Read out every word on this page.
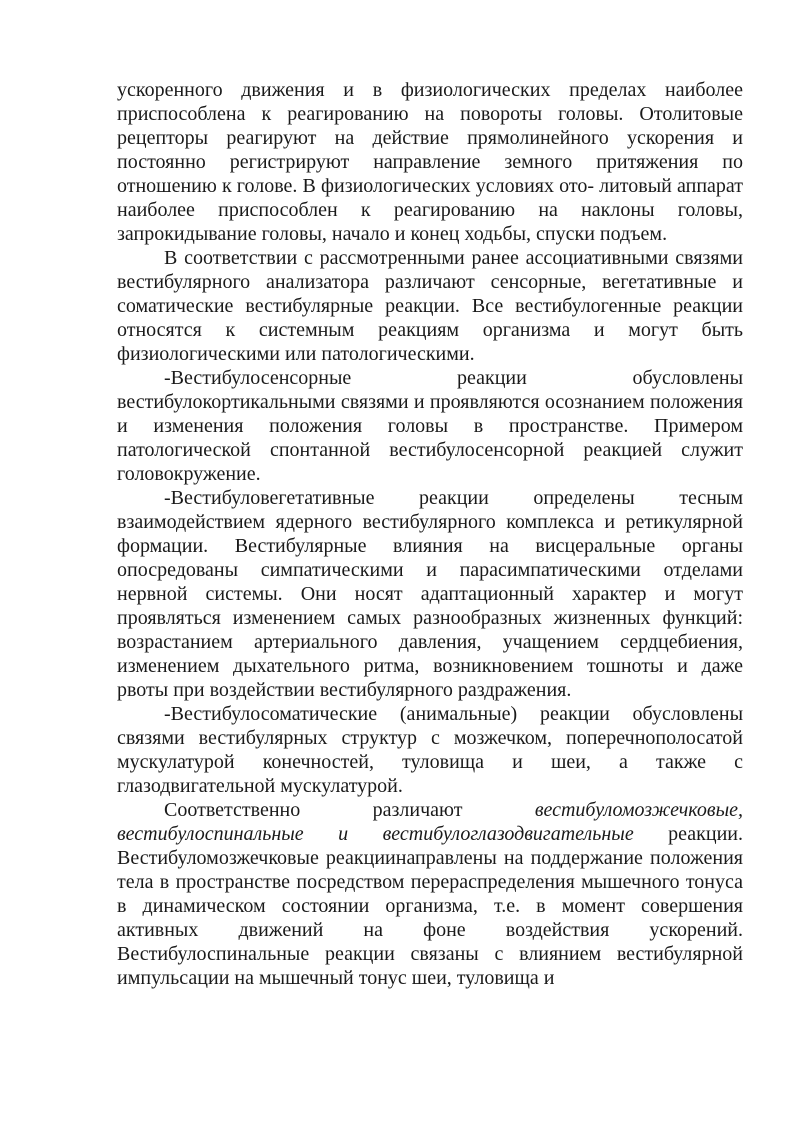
ускоренного движения и в физиологических пределах наиболее приспособлена к реагированию на повороты головы. Отолитовые рецепторы реагируют на действие прямолинейного ускорения и постоянно регистрируют направление земного притяжения по отношению к голове. В физиологических условиях ото- литовый аппарат наиболее приспособлен к реагированию на наклоны головы, запрокидывание головы, начало и конец ходьбы, спуски подъем.

В соответствии с рассмотренными ранее ассоциативными связями вестибулярного анализатора различают сенсорные, вегетативные и соматические вестибулярные реакции. Все вестибулогенные реакции относятся к системным реакциям организма и могут быть физиологическими или патологическими.

-Вестибулосенсорные реакции обусловлены вестибулокортикальными связями и проявляются осознанием положения и изменения положения головы в пространстве. Примером патологической спонтанной вестибулосенсорной реакцией служит головокружение.

-Вестибуловегетативные реакции определены тесным взаимодействием ядерного вестибулярного комплекса и ретикулярной формации. Вестибулярные влияния на висцеральные органы опосредованы симпатическими и парасимпатическими отделами нервной системы. Они носят адаптационный характер и могут проявляться изменением самых разнообразных жизненных функций: возрастанием артериального давления, учащением сердцебиения, изменением дыхательного ритма, возникновением тошноты и даже рвоты при воздействии вестибулярного раздражения.

-Вестибулосоматические (анимальные) реакции обусловлены связями вестибулярных структур с мозжечком, поперечнополосатой мускулатурой конечностей, туловища и шеи, а также с глазодвигательной мускулатурой.

Соответственно различают вестибуломозжечковые, вестибулоспинальные и вестибулоглазодвигательные реакции. Вестибуломозжечковые реакциинаправлены на поддержание положения тела в пространстве посредством перераспределения мышечного тонуса в динамическом состоянии организма, т.е. в момент совершения активных движений на фоне воздействия ускорений. Вестибулоспинальные реакции связаны с влиянием вестибулярной импульсации на мышечный тонус шеи, туловища и
